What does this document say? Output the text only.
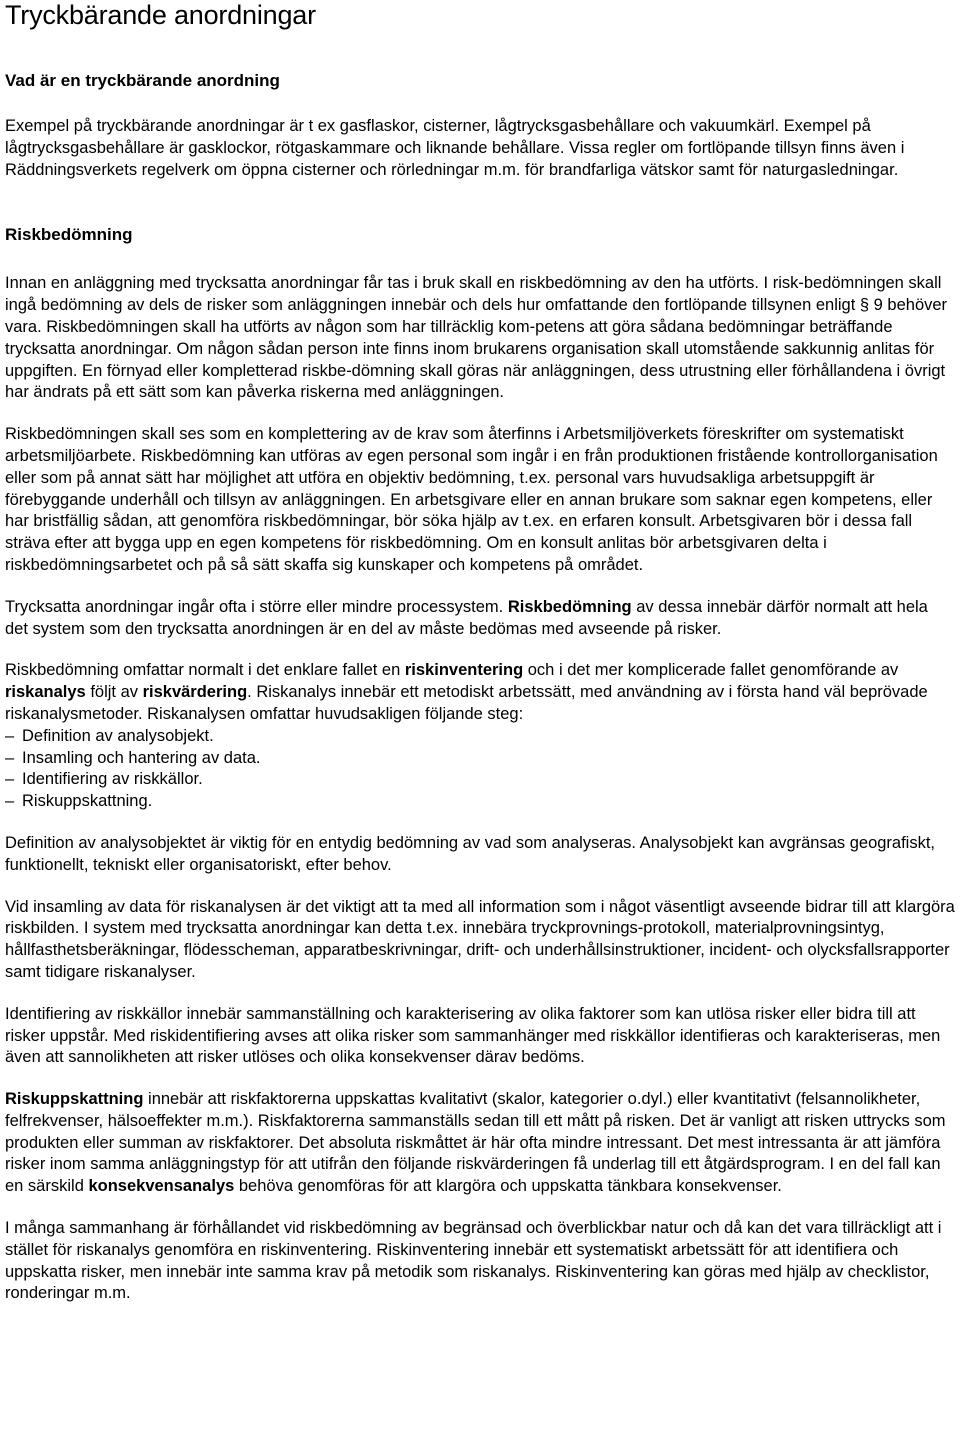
Tryckbärande anordningar
Vad är en tryckbärande anordning

Exempel på tryckbärande anordningar är t ex gasflaskor, cisterner, lågtrycksgasbehållare och vakuumkärl. Exempel på lågtrycksgasbehållare är gasklockor, rötgaskammare och liknande behållare. Vissa regler om fortlöpande tillsyn finns även i Räddningsverkets regelverk om öppna cisterner och rörledningar m.m. för brandfarliga vätskor samt för naturgasledningar.

Riskbedömning

Innan en anläggning med trycksatta anordningar får tas i bruk skall en riskbedömning av den ha utförts. I risk-bedömningen skall ingå bedömning av dels de risker som anläggningen innebär och dels hur omfattande den fortlöpande tillsynen enligt § 9 behöver vara. Riskbedömningen skall ha utförts av någon som har tillräcklig kom-petens att göra sådana bedömningar beträffande trycksatta anordningar. Om någon sådan person inte finns inom brukarens organisation skall utomstående sakkunnig anlitas för uppgiften. En förnyad eller kompletterad riskbe-dömning skall göras när anläggningen, dess utrustning eller förhållandena i övrigt har ändrats på ett sätt som kan påverka riskerna med anläggningen.

Riskbedömningen skall ses som en komplettering av de krav som återfinns i Arbetsmiljöverkets föreskrifter om systematiskt arbetsmiljöarbete. Riskbedömning kan utföras av egen personal som ingår i en från produktionen fristående kontrollorganisation eller som på annat sätt har möjlighet att utföra en objektiv bedömning, t.ex. personal vars huvudsakliga arbetsuppgift är förebyggande underhåll och tillsyn av anläggningen. En arbetsgivare eller en annan brukare som saknar egen kompetens, eller har bristfällig sådan, att genomföra riskbedömningar, bör söka hjälp av t.ex. en erfaren konsult. Arbetsgivaren bör i dessa fall sträva efter att bygga upp en egen kompetens för riskbedömning. Om en konsult anlitas bör arbetsgivaren delta i riskbedömningsarbetet och på så sätt skaffa sig kunskaper och kompetens på området.

Trycksatta anordningar ingår ofta i större eller mindre processystem. Riskbedömning av dessa innebär därför normalt att hela det system som den trycksatta anordningen är en del av måste bedömas med avseende på risker.

Riskbedömning omfattar normalt i det enklare fallet en riskinventering och i det mer komplicerade fallet genomförande av riskanalys följt av riskvärdering. Riskanalys innebär ett metodiskt arbetssätt, med användning av i första hand väl beprövade riskanalysmetoder. Riskanalysen omfattar huvudsakligen följande steg:

– Definition av analysobjekt.
– Insamling och hantering av data.
– Identifiering av riskkällor.
– Riskuppskattning.

Definition av analysobjektet är viktig för en entydig bedömning av vad som analyseras. Analysobjekt kan avgränsas geografiskt, funktionellt, tekniskt eller organisatoriskt, efter behov.

Vid insamling av data för riskanalysen är det viktigt att ta med all information som i något väsentligt avseende bidrar till att klargöra riskbilden. I system med trycksatta anordningar kan detta t.ex. innebära tryckprovnings-protokoll, materialprovningsintyg, hållfasthetsberäkningar, flödesscheman, apparatbeskrivningar, drift- och underhållsinstruktioner, incident- och olycksfallsrapporter samt tidigare riskanalyser.

Identifiering av riskkällor innebär sammanställning och karakterisering av olika faktorer som kan utlösa risker eller bidra till att risker uppstår. Med riskidentifiering avses att olika risker som sammanhänger med riskkällor identifieras och karakteriseras, men även att sannolikheten att risker utlöses och olika konsekvenser därav bedöms.

Riskuppskattning innebär att riskfaktorerna uppskattas kvalitativt (skalor, kategorier o.dyl.) eller kvantitativt (felsannolikheter, felfrekvenser, hälsoeffekter m.m.). Riskfaktorerna sammanställs sedan till ett mått på risken. Det är vanligt att risken uttrycks som produkten eller summan av riskfaktorer. Det absoluta riskmåttet är här ofta mindre intressant. Det mest intressanta är att jämföra risker inom samma anläggningstyp för att utifrån den följande riskvärderingen få underlag till ett åtgärdsprogram. I en del fall kan en särskild konsekvensanalys behöva genomföras för att klargöra och uppskatta tänkbara konsekvenser.

I många sammanhang är förhållandet vid riskbedömning av begränsad och överblickbar natur och då kan det vara tillräckligt att i stället för riskanalys genomföra en riskinventering. Riskinventering innebär ett systematiskt arbetssätt för att identifiera och uppskatta risker, men innebär inte samma krav på metodik som riskanalys. Riskinventering kan göras med hjälp av checklistor, ronderingar m.m.
